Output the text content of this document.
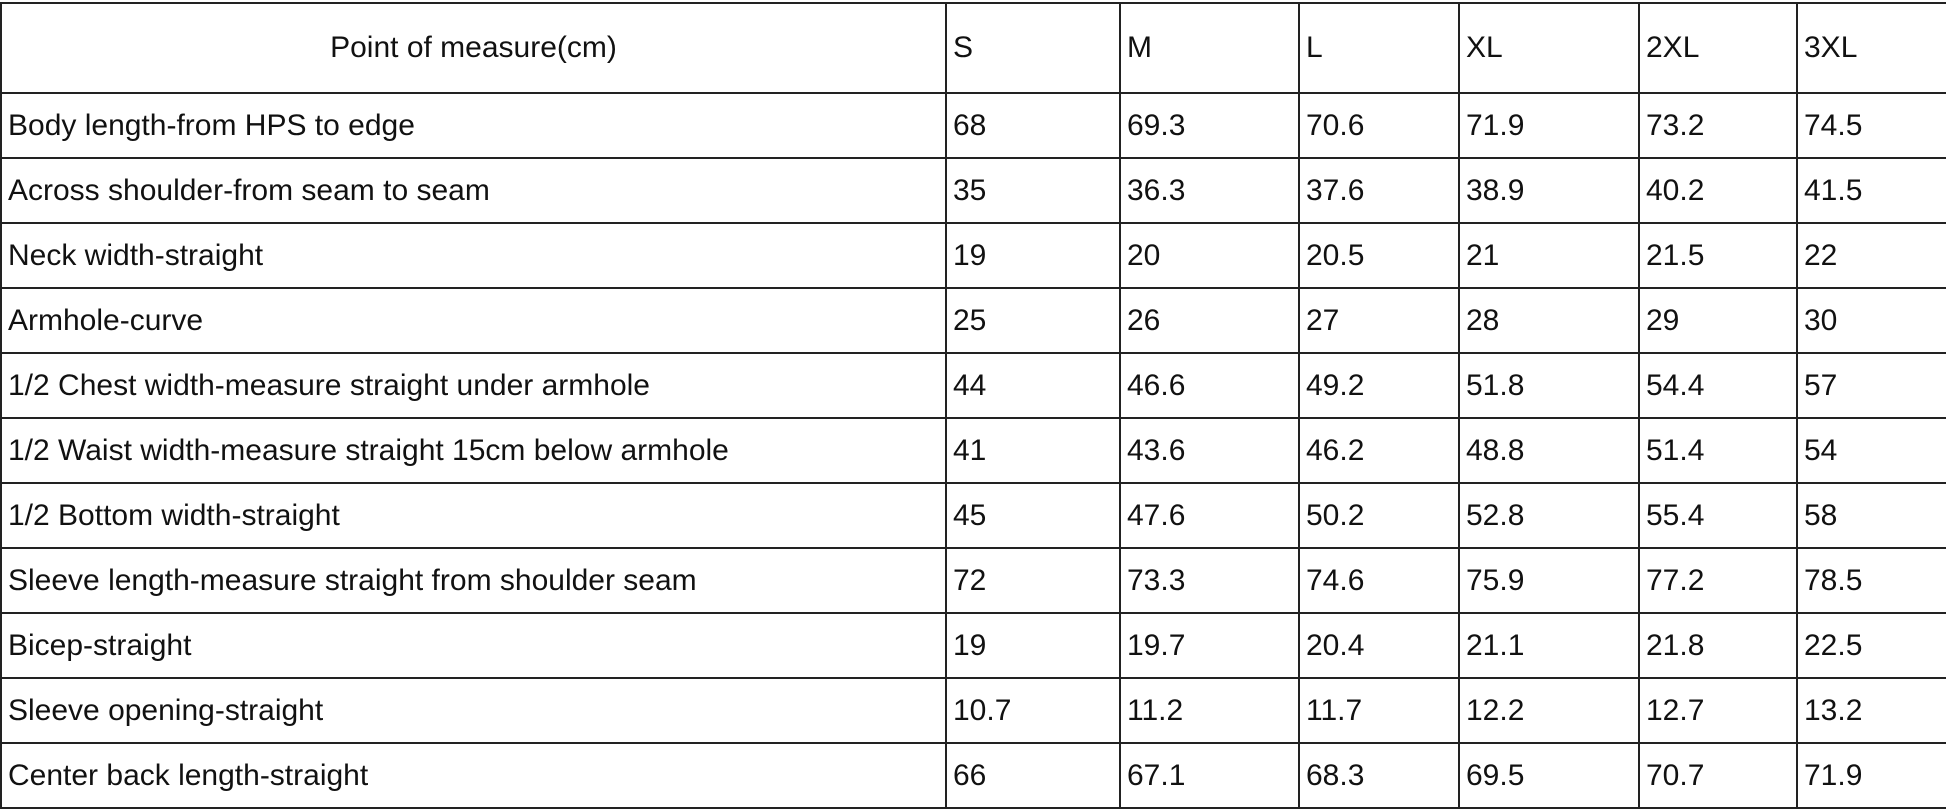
Point of measure(cm)	S	M	L	XL	2XL	3XL
Body length-from HPS to edge	68	69.3	70.6	71.9	73.2	74.5
Across shoulder-from seam to seam	35	36.3	37.6	38.9	40.2	41.5
Neck width-straight	19	20	20.5	21	21.5	22
Armhole-curve	25	26	27	28	29	30
1/2 Chest width-measure straight under armhole	44	46.6	49.2	51.8	54.4	57
1/2 Waist width-measure straight 15cm below armhole	41	43.6	46.2	48.8	51.4	54
1/2 Bottom width-straight	45	47.6	50.2	52.8	55.4	58
Sleeve length-measure straight from shoulder seam	72	73.3	74.6	75.9	77.2	78.5
Bicep-straight	19	19.7	20.4	21.1	21.8	22.5
Sleeve opening-straight	10.7	11.2	11.7	12.2	12.7	13.2
Center back length-straight	66	67.1	68.3	69.5	70.7	71.9
